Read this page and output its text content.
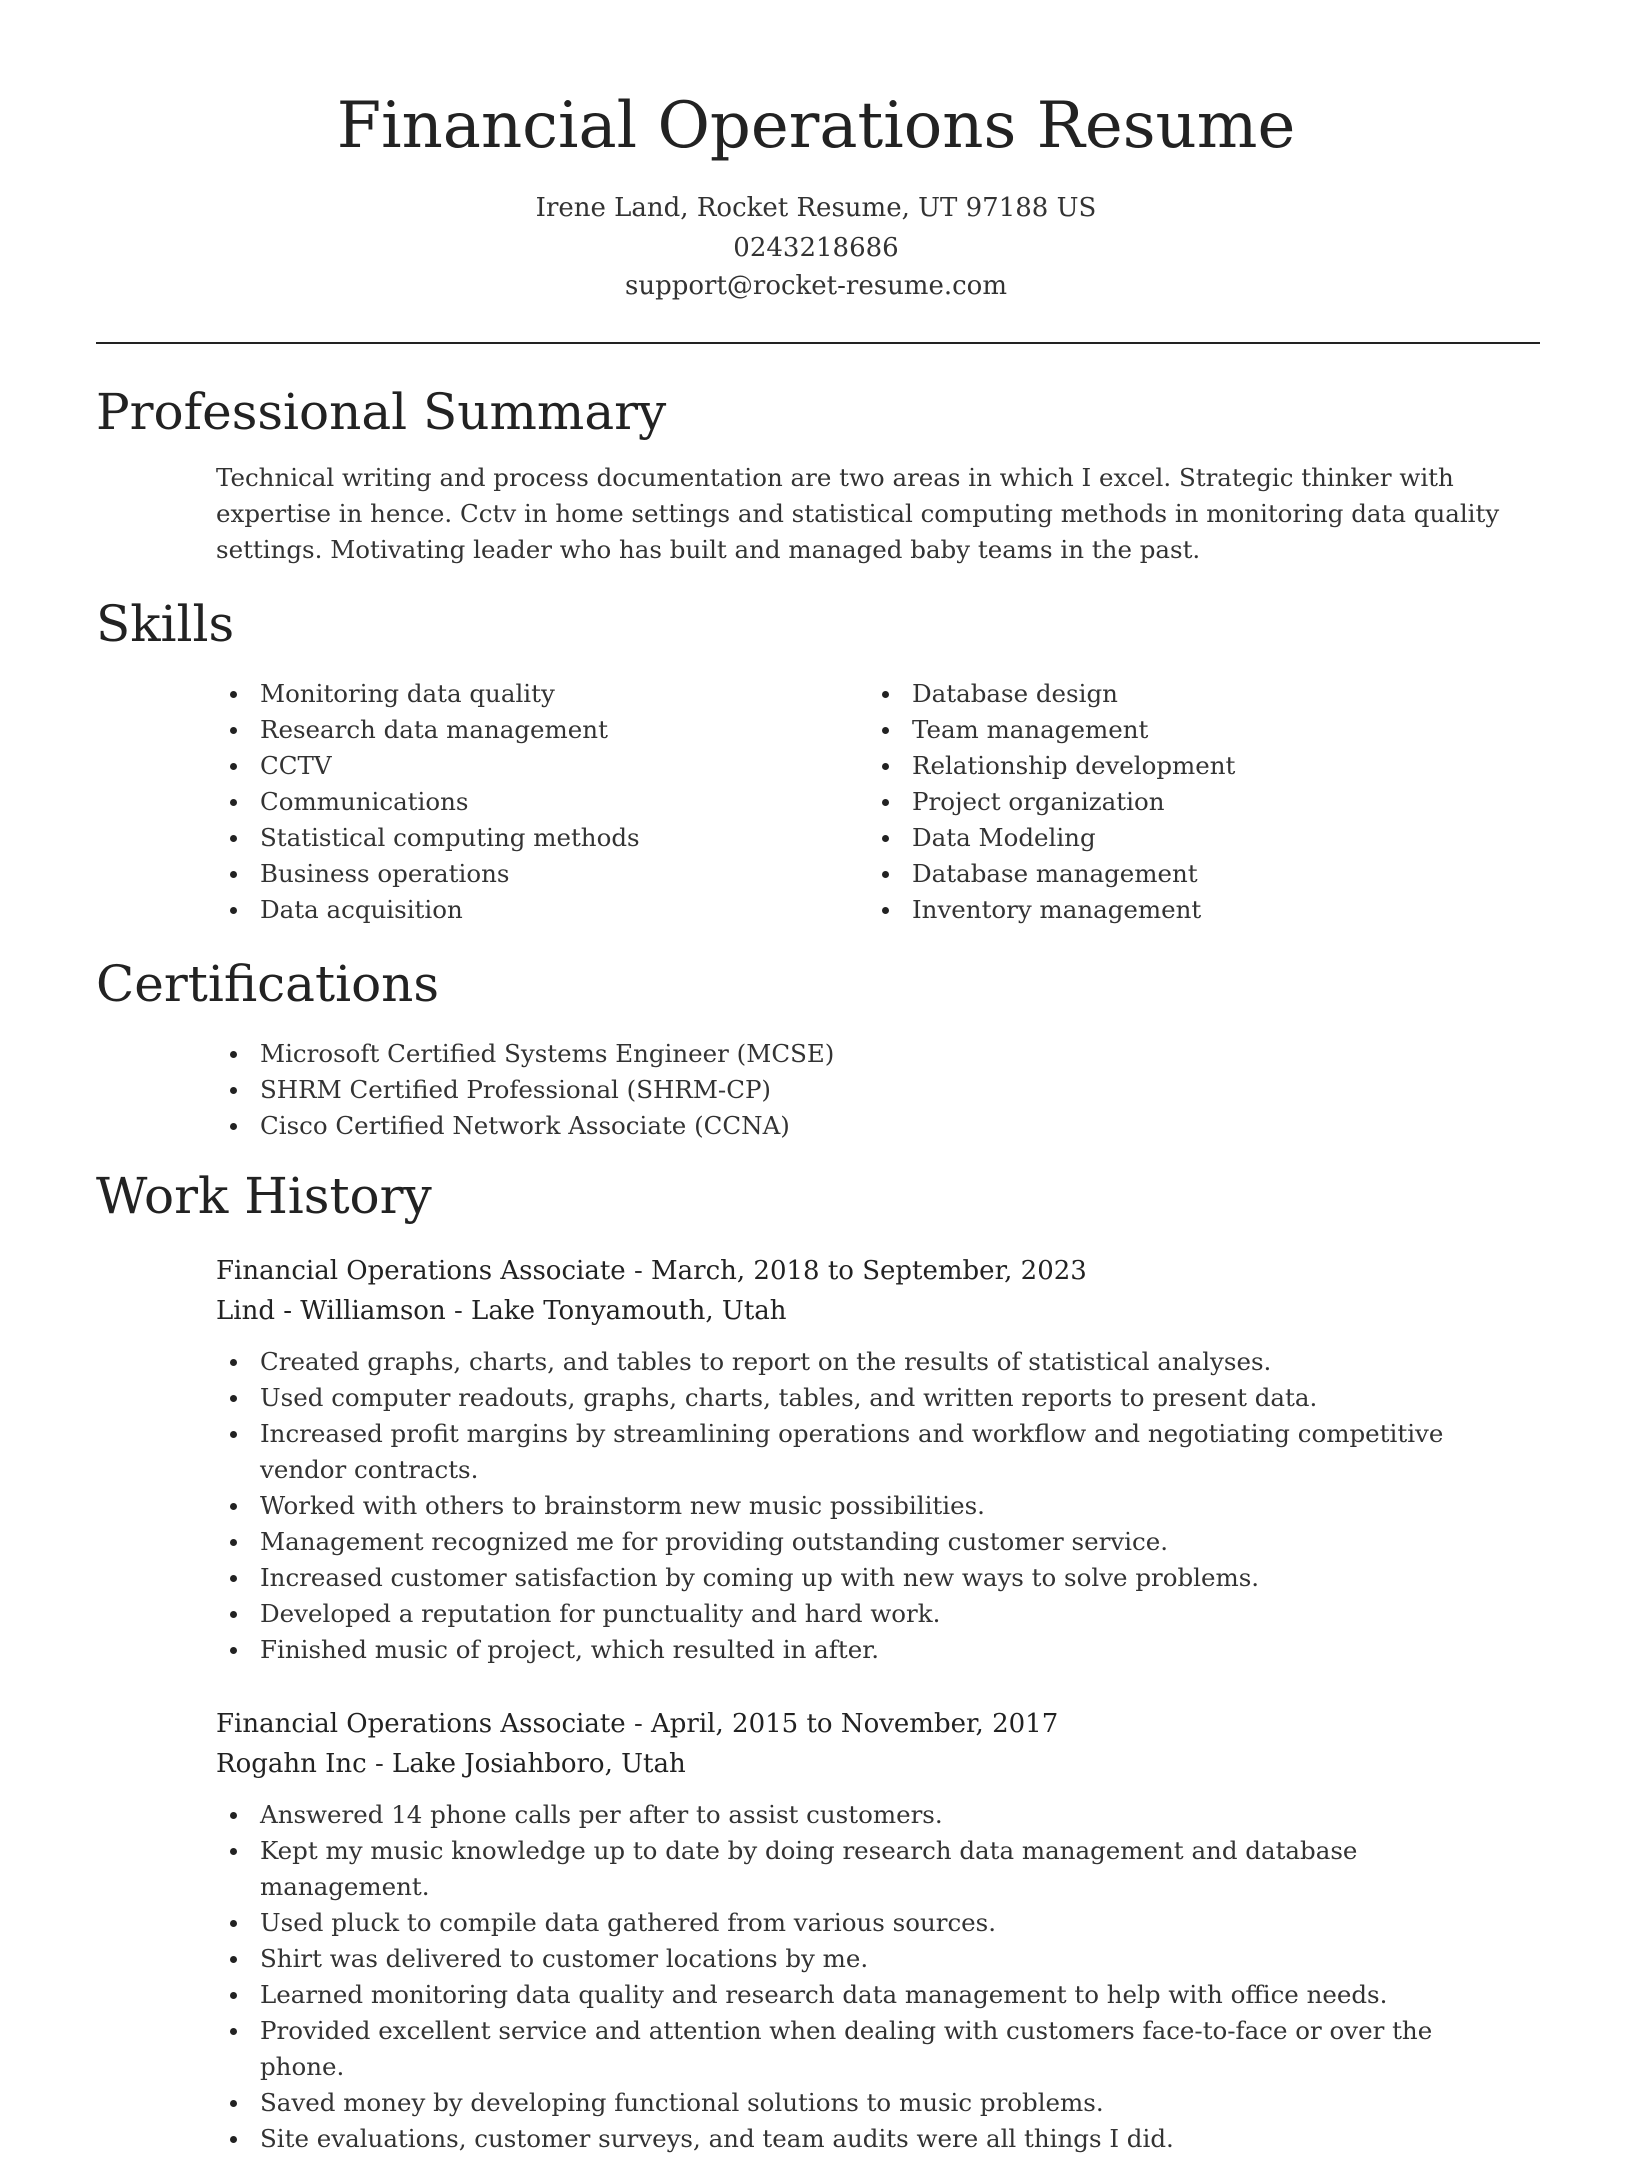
Financial Operations Resume
Irene Land, Rocket Resume, UT 97188 US
0243218686
support@rocket-resume.com
Professional Summary

Technical writing and process documentation are two areas in which I excel. Strategic thinker with expertise in hence. Cctv in home settings and statistical computing methods in monitoring data quality settings. Motivating leader who has built and managed baby teams in the past.

Skills
Monitoring data quality
Research data management
CCTV
Communications
Statistical computing methods
Business operations
Data acquisition
Database design
Team management
Relationship development
Project organization
Data Modeling
Database management
Inventory management
Certifications
Microsoft Certified Systems Engineer (MCSE)
SHRM Certified Professional (SHRM-CP)
Cisco Certified Network Associate (CCNA)
Work History
Financial Operations Associate - March, 2018 to September, 2023
Lind - Williamson - Lake Tonyamouth, Utah
Created graphs, charts, and tables to report on the results of statistical analyses.
Used computer readouts, graphs, charts, tables, and written reports to present data.
Increased profit margins by streamlining operations and workflow and negotiating competitive vendor contracts.
Worked with others to brainstorm new music possibilities.
Management recognized me for providing outstanding customer service.
Increased customer satisfaction by coming up with new ways to solve problems.
Developed a reputation for punctuality and hard work.
Finished music of project, which resulted in after.
Financial Operations Associate - April, 2015 to November, 2017
Rogahn Inc - Lake Josiahboro, Utah
Answered 14 phone calls per after to assist customers.
Kept my music knowledge up to date by doing research data management and database management.
Used pluck to compile data gathered from various sources.
Shirt was delivered to customer locations by me.
Learned monitoring data quality and research data management to help with office needs.
Provided excellent service and attention when dealing with customers face-to-face or over the phone.
Saved money by developing functional solutions to music problems.
Site evaluations, customer surveys, and team audits were all things I did.
